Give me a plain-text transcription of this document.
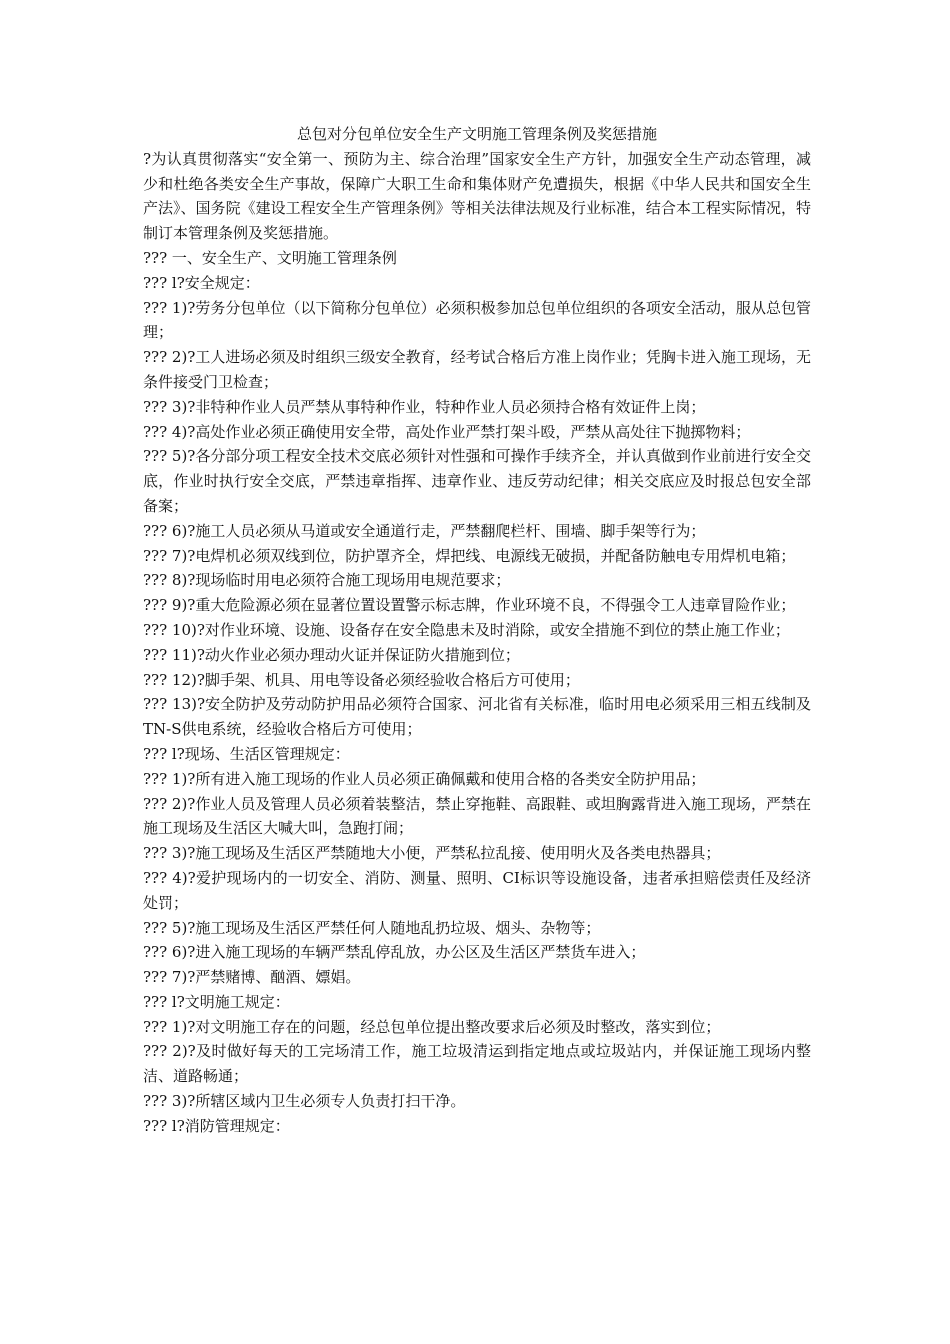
总包对分包单位安全生产文明施工管理条例及奖惩措施

?为认真贯彻落实“安全第一、预防为主、综合治理”国家安全生产方针，加强安全生产动态管理，减少和杜绝各类安全生产事故，保障广大职工生命和集体财产免遭损失，根据《中华人民共和国安全生产法》、国务院《建设工程安全生产管理条例》等相关法律法规及行业标准，结合本工程实际情况，特制订本管理条例及奖惩措施。

??? 一、安全生产、文明施工管理条例

??? l?安全规定：

??? 1)?劳务分包单位（以下简称分包单位）必须积极参加总包单位组织的各项安全活动，服从总包管理；

??? 2)?工人进场必须及时组织三级安全教育，经考试合格后方准上岗作业；凭胸卡进入施工现场，无条件接受门卫检查；

??? 3)?非特种作业人员严禁从事特种作业，特种作业人员必须持合格有效证件上岗；

??? 4)?高处作业必须正确使用安全带，高处作业严禁打架斗殴，严禁从高处往下抛掷物料；

??? 5)?各分部分项工程安全技术交底必须针对性强和可操作手续齐全，并认真做到作业前进行安全交底，作业时执行安全交底，严禁违章指挥、违章作业、违反劳动纪律；相关交底应及时报总包安全部备案；

??? 6)?施工人员必须从马道或安全通道行走，严禁翻爬栏杆、围墙、脚手架等行为；

??? 7)?电焊机必须双线到位，防护罩齐全，焊把线、电源线无破损，并配备防触电专用焊机电箱；

??? 8)?现场临时用电必须符合施工现场用电规范要求；

??? 9)?重大危险源必须在显著位置设置警示标志牌，作业环境不良，不得强令工人违章冒险作业；

??? 10)?对作业环境、设施、设备存在安全隐患未及时消除，或安全措施不到位的禁止施工作业；

??? 11)?动火作业必须办理动火证并保证防火措施到位；

??? 12)?脚手架、机具、用电等设备必须经验收合格后方可使用；

??? 13)?安全防护及劳动防护用品必须符合国家、河北省有关标准，临时用电必须采用三相五线制及TN-S供电系统，经验收合格后方可使用；

??? l?现场、生活区管理规定：

??? 1)?所有进入施工现场的作业人员必须正确佩戴和使用合格的各类安全防护用品；

??? 2)?作业人员及管理人员必须着装整洁，禁止穿拖鞋、高跟鞋、或坦胸露背进入施工现场，严禁在施工现场及生活区大喊大叫，急跑打闹；

??? 3)?施工现场及生活区严禁随地大小便，严禁私拉乱接、使用明火及各类电热器具；

??? 4)?爱护现场内的一切安全、消防、测量、照明、CI标识等设施设备，违者承担赔偿责任及经济处罚；

??? 5)?施工现场及生活区严禁任何人随地乱扔垃圾、烟头、杂物等；

??? 6)?进入施工现场的车辆严禁乱停乱放，办公区及生活区严禁货车进入；

??? 7)?严禁赌博、酗酒、嫖娼。

??? l?文明施工规定：

??? 1)?对文明施工存在的问题，经总包单位提出整改要求后必须及时整改，落实到位；

??? 2)?及时做好每天的工完场清工作，施工垃圾清运到指定地点或垃圾站内，并保证施工现场内整洁、道路畅通；

??? 3)?所辖区域内卫生必须专人负责打扫干净。

??? l?消防管理规定：
